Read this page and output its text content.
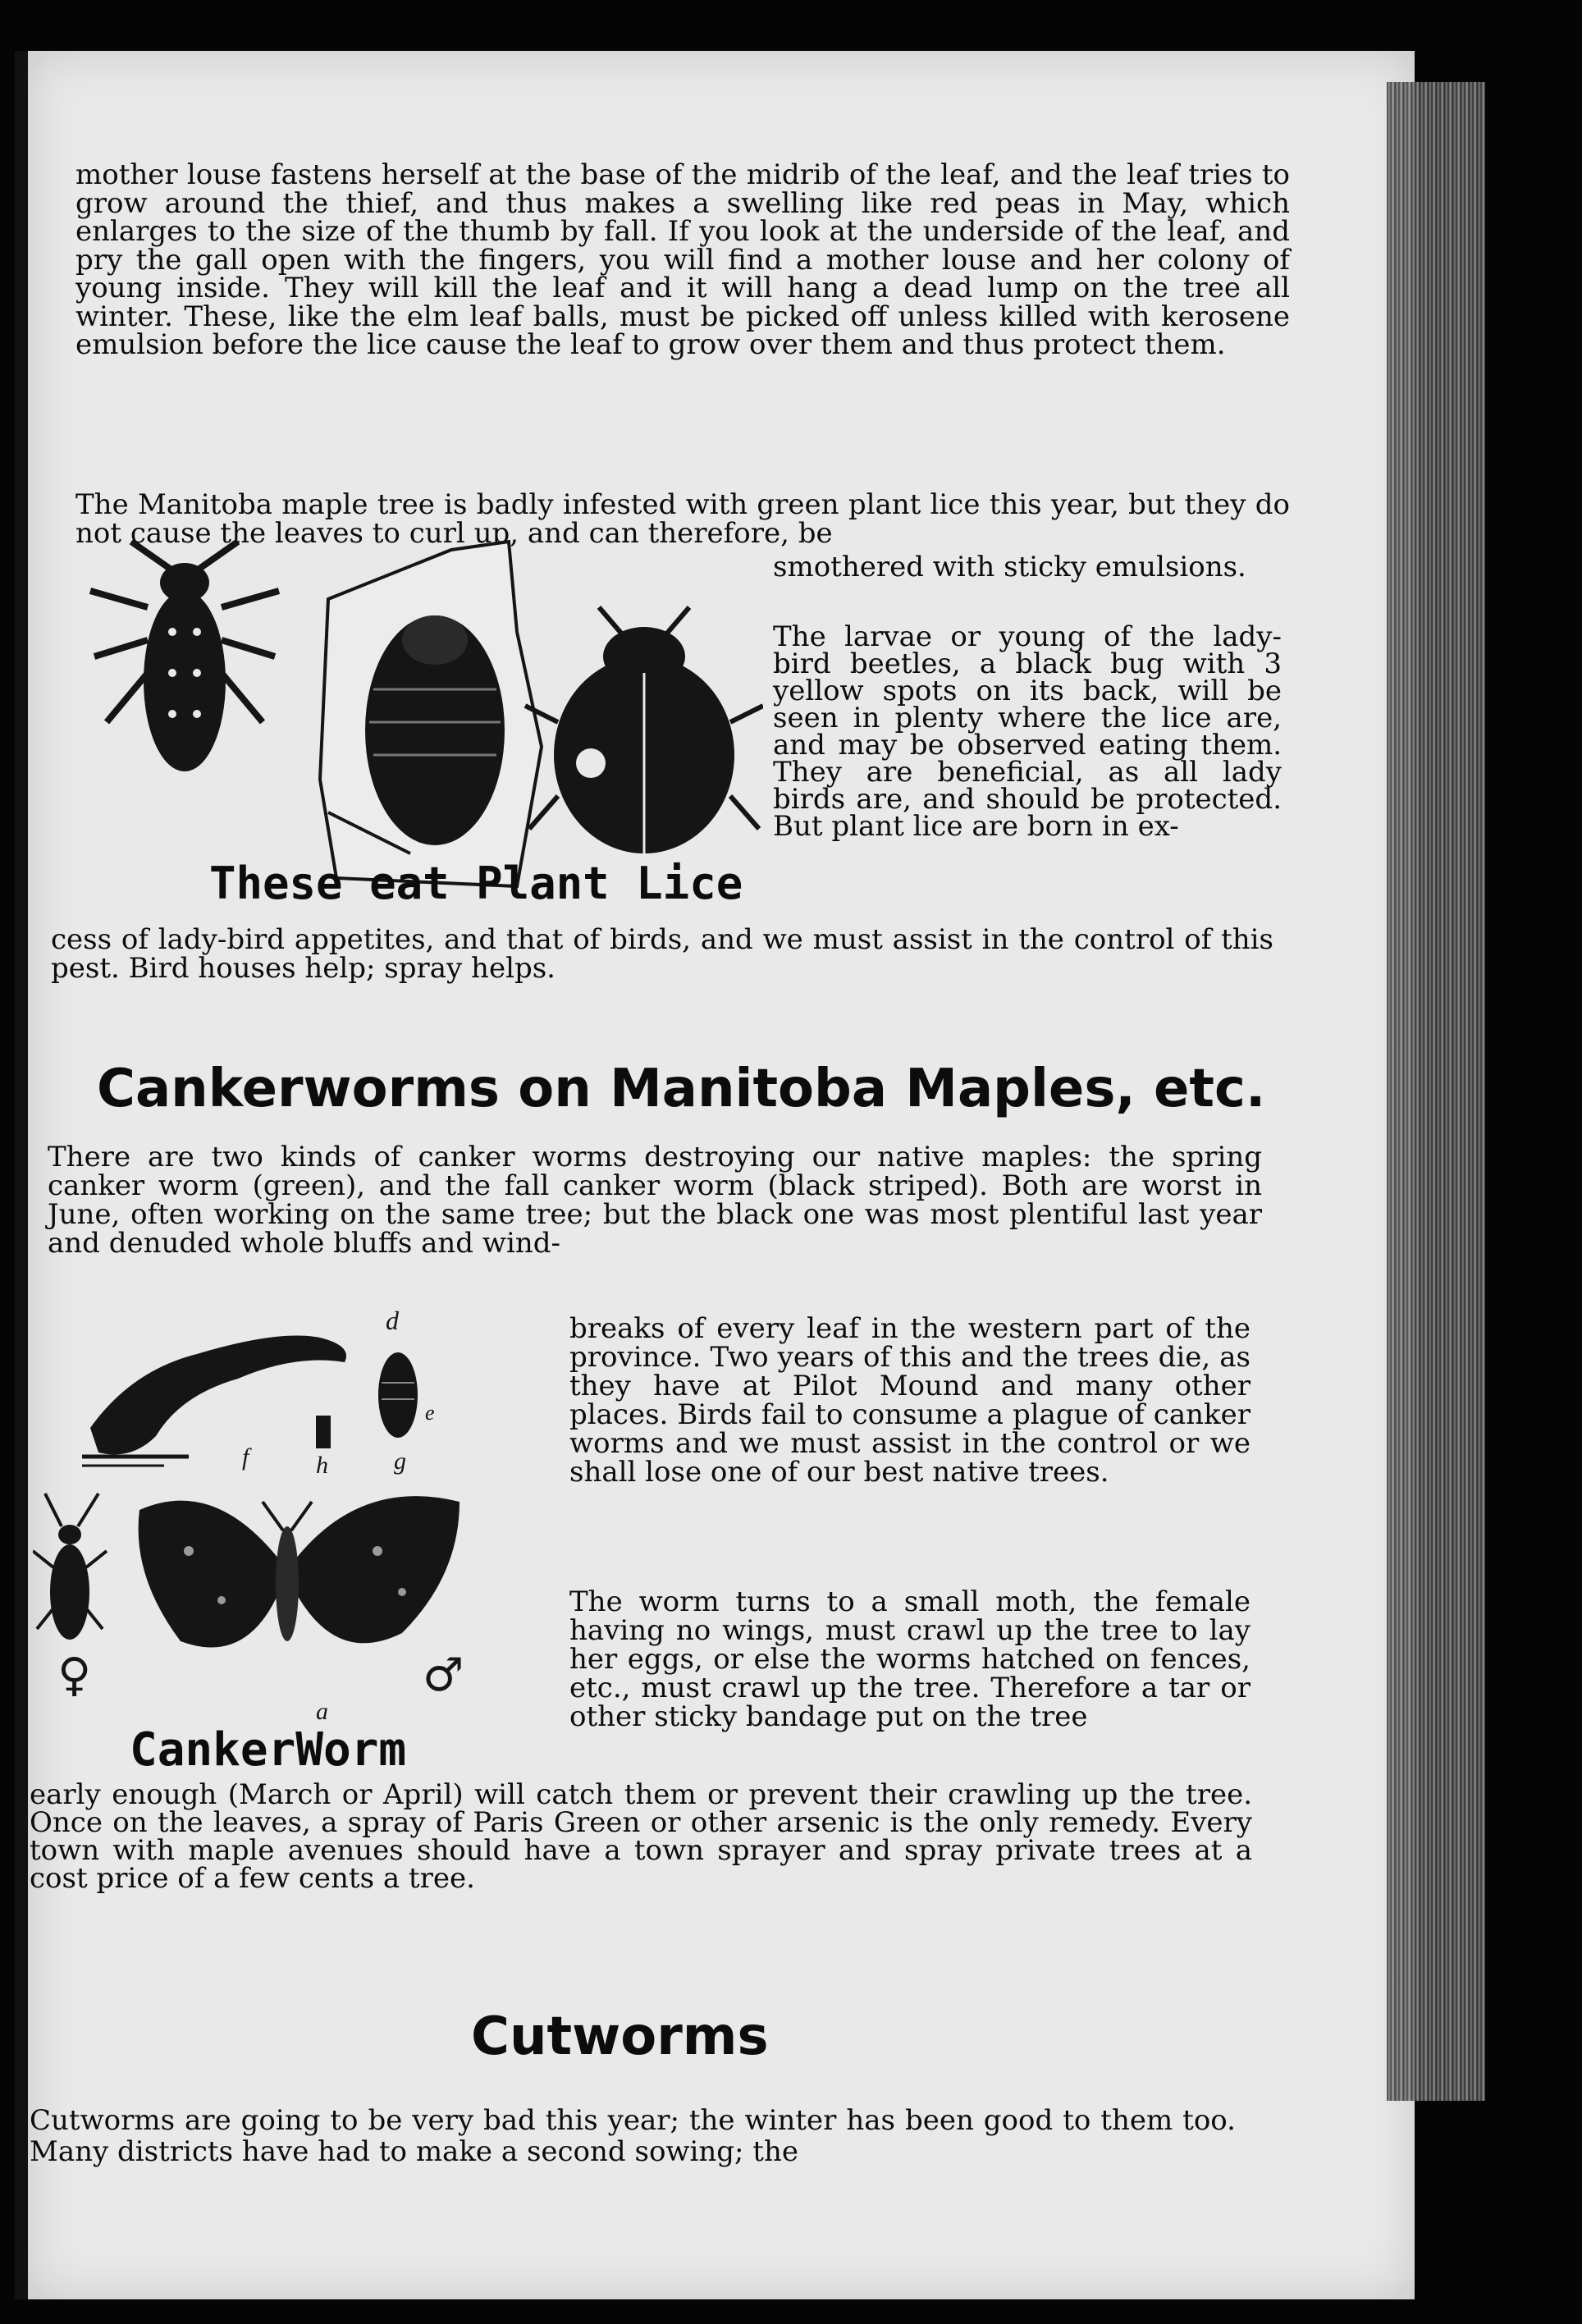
mother louse fastens herself at the base of the midrib of the leaf, and the leaf tries to grow around the thief, and thus makes a swelling like red peas in May, which enlarges to the size of the thumb by fall. If you look at the underside of the leaf, and pry the gall open with the fingers, you will find a mother louse and her colony of young inside. They will kill the leaf and it will hang a dead lump on the tree all winter. These, like the elm leaf balls, must be picked off unless killed with kerosene emulsion before the lice cause the leaf to grow over them and thus protect them.

The Manitoba maple tree is badly infested with green plant lice this year, but they do not cause the leaves to curl up, and can therefore, be

smothered with sticky emulsions.

These eat Plant Lice

The larvae or young of the lady-bird beetles, a black bug with 3 yellow spots on its back, will be seen in plenty where the lice are, and may be observed eating them. They are beneficial, as all lady birds are, and should be protected. But plant lice are born in ex-

cess of lady-bird appetites, and that of birds, and we must assist in the control of this pest. Bird houses help; spray helps.

Cankerworms on Manitoba Maples, etc.

There are two kinds of canker worms destroying our native maples: the spring canker worm (green), and the fall canker worm (black striped). Both are worst in June, often working on the same tree; but the black one was most plentiful last year and denuded whole bluffs and wind-

breaks of every leaf in the western part of the province. Two years of this and the trees die, as they have at Pilot Mound and many other places. Birds fail to consume a plague of canker worms and we must assist in the control or we shall lose one of our best native trees.

The worm turns to a small moth, the female having no wings, must crawl up the tree to lay her eggs, or else the worms hatched on fences, etc., must crawl up the tree. Therefore a tar or other sticky bandage put on the tree

d
f	h	g
e
a
♀	♂
CankerWorm

early enough (March or April) will catch them or prevent their crawling up the tree. Once on the leaves, a spray of Paris Green or other arsenic is the only remedy. Every town with maple avenues should have a town sprayer and spray private trees at a cost price of a few cents a tree.

Cutworms

Cutworms are going to be very bad this year; the winter has been good to them too. Many districts have had to make a second sowing; the
